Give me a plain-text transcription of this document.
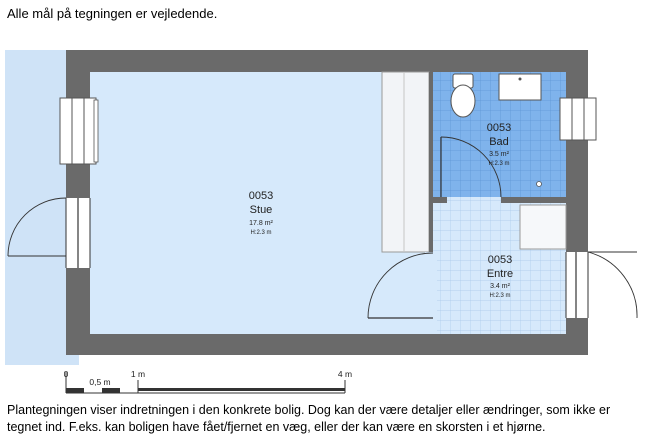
Alle mål på tegningen er vejledende.
0053
Stue
17.8 m²
H:2.3 m
0053
Bad
3.5 m²
H:2.3 m
0053
Entre
3.4 m²
H:2.3 m
0
0,5 m
1 m	4 m
Plantegningen viser indretningen i den konkrete bolig. Dog kan der være detaljer eller ændringer, som ikke er tegnet ind. F.eks. kan boligen have fået/fjernet en væg, eller der kan være en skorsten i et hjørne.
